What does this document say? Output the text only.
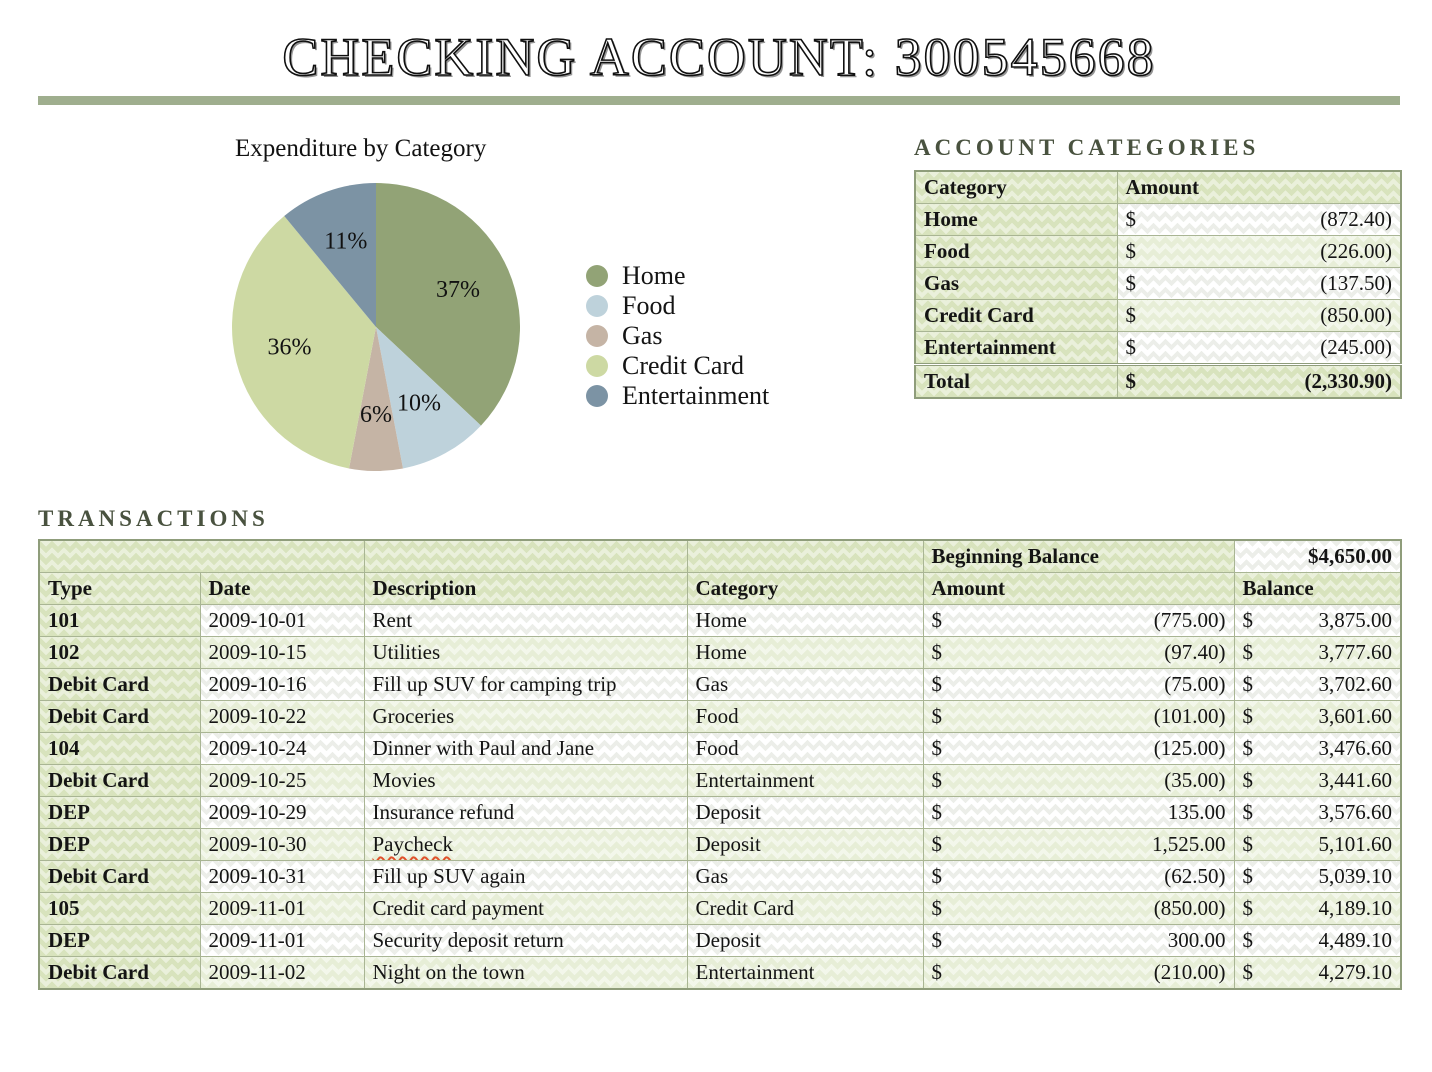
CHECKING ACCOUNT: 300545668
Expenditure by Category
37%
10%
6%
36%
11%
Home
Food
Gas
Credit Card
Entertainment
ACCOUNT CATEGORIES
Category	Amount
Home	$ (872.40)

Food	$ (226.00)

Gas	$ (137.50)

Credit Card	$ (850.00)

Entertainment	$ (245.00)

Total	$ (2,330.90)
TRANSACTIONS
				Beginning Balance	$4,650.00
Type	Date	Description	Category	Amount	Balance
101	2009-10-01	Rent	Home	$ (775.00)	$ 3,875.00

102	2009-10-15	Utilities	Home	$ (97.40)	$ 3,777.60

Debit Card	2009-10-16	Fill up SUV for camping trip	Gas	$ (75.00)	$ 3,702.60

Debit Card	2009-10-22	Groceries	Food	$ (101.00)	$ 3,601.60

104	2009-10-24	Dinner with Paul and Jane	Food	$ (125.00)	$ 3,476.60

Debit Card	2009-10-25	Movies	Entertainment	$ (35.00)	$ 3,441.60

DEP	2009-10-29	Insurance refund	Deposit	$ 135.00	$ 3,576.60

DEP	2009-10-30	Paycheck	Deposit	$ 1,525.00	$ 5,101.60

Debit Card	2009-10-31	Fill up SUV again	Gas	$ (62.50)	$ 5,039.10

105	2009-11-01	Credit card payment	Credit Card	$ (850.00)	$ 4,189.10

DEP	2009-11-01	Security deposit return	Deposit	$ 300.00	$ 4,489.10

Debit Card	2009-11-02	Night on the town	Entertainment	$ (210.00)	$ 4,279.10
